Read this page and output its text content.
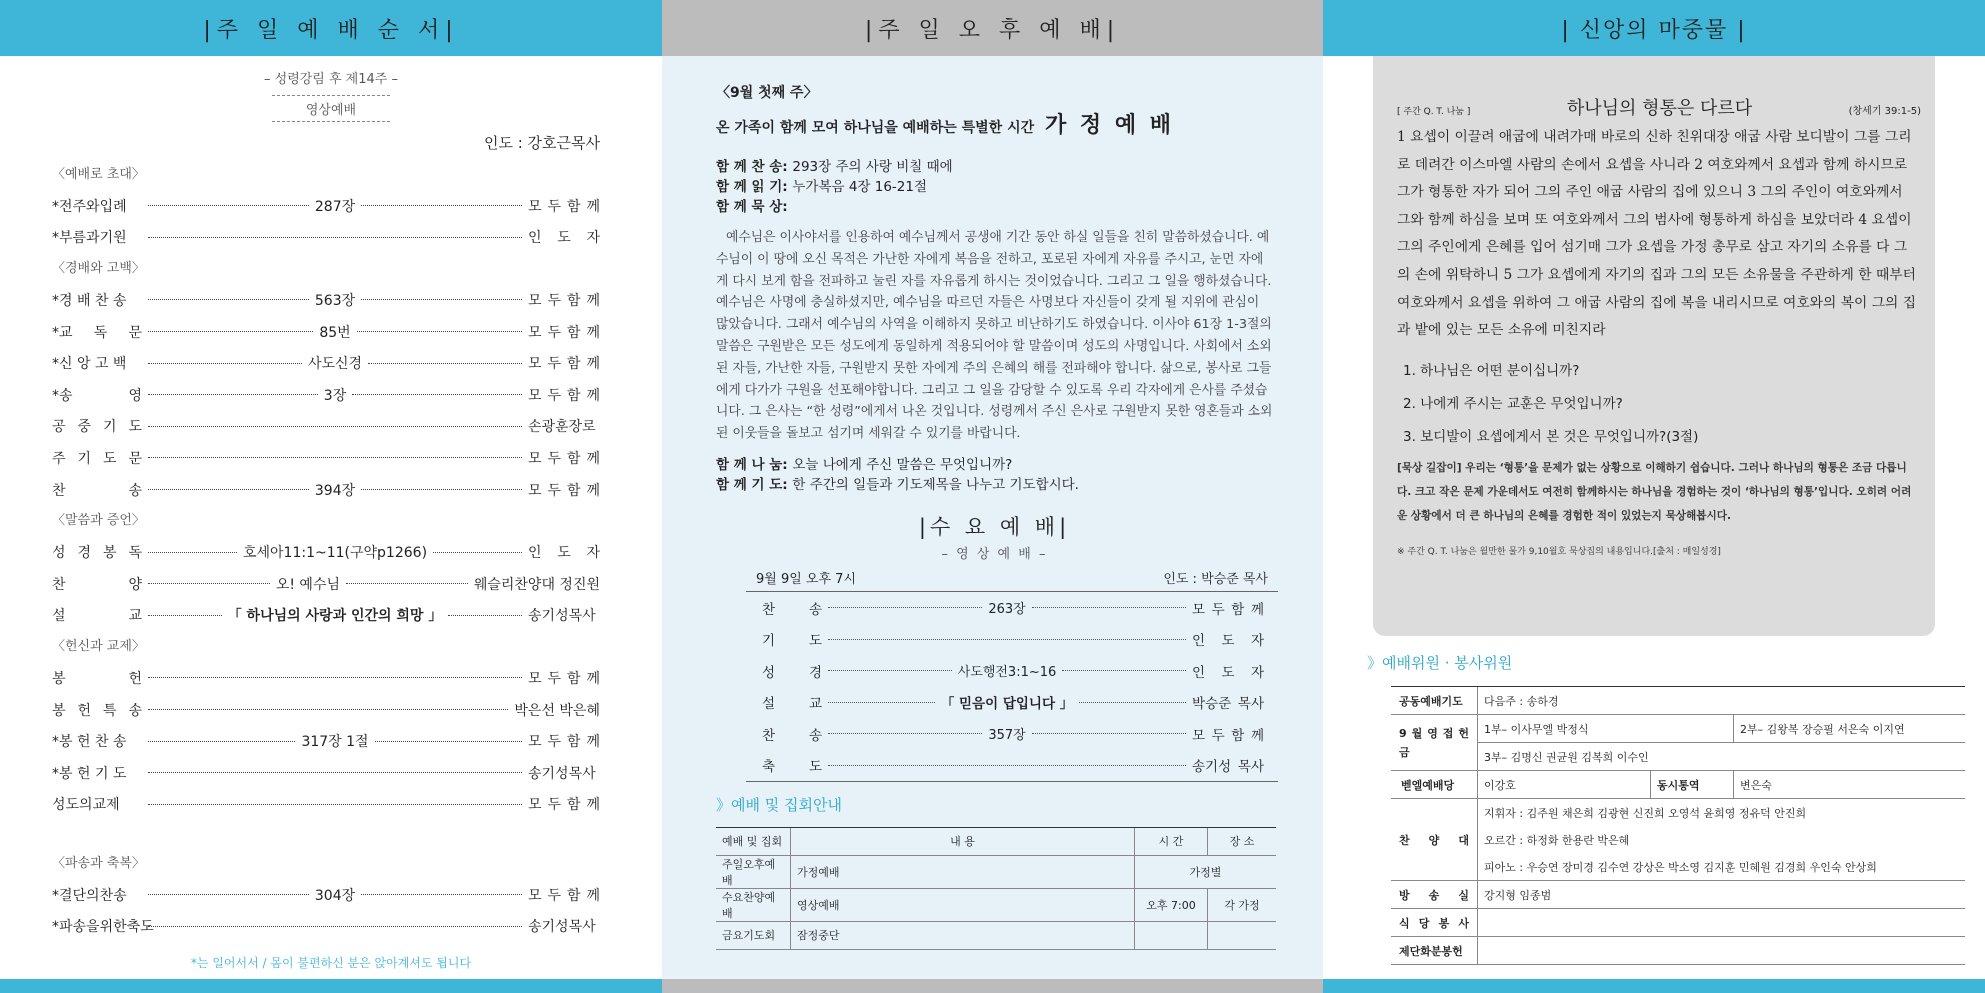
|주 일 예 배 순 서|
– 성령강림 후 제14주 –
영상예배
인도 : 강호근목사
〈예배로 초대〉
*전주와입례	287장	모 두 함 께
*부름과기원	인 도 자
〈경배와 고백〉
*경 배 찬 송	563장	모 두 함 께
*교 독 문	85번	모 두 함 께
*신 앙 고 백	사도신경	모 두 함 께
*송 영	3장	모 두 함 께
공 중 기 도	손광훈장로
주 기 도 문	모 두 함 께
찬 송	394장	모 두 함 께
〈말씀과 증언〉
성 경 봉 독	호세아11:1~11(구약p1266)	인 도 자
찬 양	오! 예수님	웨슬리찬양대 정진원
설 교	「 하나님의 사랑과 인간의 희망 」	송기성목사
〈헌신과 교제〉
봉 헌	모 두 함 께
봉 헌 특 송	박은선 박은혜
*봉 헌 찬 송	317장 1절	모 두 함 께
*봉 헌 기 도	송기성목사
성도의교제	모 두 함 께
〈파송과 축복〉
*결단의찬송	304장	모 두 함 께
*파송을위한축도	송기성목사
*는 일어서서 / 몸이 불편하신 분은 앉아계셔도 됩니다
|주 일 오 후 예 배|
〈9월 첫째 주〉
온 가족이 함께 모여 하나님을 예배하는 특별한 시간 가 정 예 배
함 께 찬 송: 293장 주의 사랑 비칠 때에
함 께 읽 기: 누가복음 4장 16-21절
함 께 묵 상:
예수님은 이사야서를 인용하여 예수님께서 공생애 기간 동안 하실 일들을 친히 말씀하셨습니다. 예수님이 이 땅에 오신 목적은 가난한 자에게 복음을 전하고, 포로된 자에게 자유를 주시고, 눈먼 자에게 다시 보게 함을 전파하고 눌린 자를 자유롭게 하시는 것이었습니다. 그리고 그 일을 행하셨습니다. 예수님은 사명에 충실하셨지만, 예수님을 따르던 자들은 사명보다 자신들이 갖게 될 지위에 관심이 많았습니다. 그래서 예수님의 사역을 이해하지 못하고 비난하기도 하였습니다. 이사야 61장 1-3절의 말씀은 구원받은 모든 성도에게 동일하게 적용되어야 할 말씀이며 성도의 사명입니다. 사회에서 소외된 자들, 가난한 자들, 구원받지 못한 자에게 주의 은혜의 해를 전파해야 합니다. 삶으로, 봉사로 그들에게 다가가 구원을 선포해야합니다. 그리고 그 일을 감당할 수 있도록 우리 각자에게 은사를 주셨습니다. 그 은사는 “한 성령”에게서 나온 것입니다. 성령께서 주신 은사로 구원받지 못한 영혼들과 소외된 이웃들을 돌보고 섬기며 세워갈 수 있기를 바랍니다.
함 께 나 눔: 오늘 나에게 주신 말씀은 무엇입니까?
함 께 기 도: 한 주간의 일들과 기도제목을 나누고 기도합시다.
|수 요 예 배|
– 영 상 예 배 –
9월 9일 오후 7시	인도 : 박승준 목사
찬 송	263장	모 두 함 께
기 도	인 도 자
성 경	사도행전3:1~16	인 도 자
설 교	「 믿음이 답입니다 」	박승준 목사
찬 송	357장	모 두 함 께
축 도	송기성 목사
》예배 및 집회안내
예배 및 집회	내 용	시 간	장 소
주일오후예배	가정예배	가정별	
수요찬양예배	영상예배	오후 7:00	각 가정
금요기도회	잠정중단		
| 신앙의 마중물 |
[ 주간 Q. T. 나눔 ]	하나님의 형통은 다르다	(창세기 39:1-5)
1 요셉이 이끌려 애굽에 내려가매 바로의 신하 친위대장 애굽 사람 보디발이 그를 그리로 데려간 이스마엘 사람의 손에서 요셉을 사니라 2 여호와께서 요셉과 함께 하시므로 그가 형통한 자가 되어 그의 주인 애굽 사람의 집에 있으니 3 그의 주인이 여호와께서 그와 함께 하심을 보며 또 여호와께서 그의 범사에 형통하게 하심을 보았더라 4 요셉이 그의 주인에게 은혜를 입어 섬기매 그가 요셉을 가정 총무로 삼고 자기의 소유를 다 그의 손에 위탁하니 5 그가 요셉에게 자기의 집과 그의 모든 소유물을 주관하게 한 때부터 여호와께서 요셉을 위하여 그 애굽 사람의 집에 복을 내리시므로 여호와의 복이 그의 집과 밭에 있는 모든 소유에 미친지라
1. 하나님은 어떤 분이십니까?
2. 나에게 주시는 교훈은 무엇입니까?
3. 보디발이 요셉에게서 본 것은 무엇입니까?(3절)
[묵상 길잡이] 우리는 ‘형통’을 문제가 없는 상황으로 이해하기 쉽습니다. 그러나 하나님의 형통은 조금 다릅니다. 크고 작은 문제 가운데서도 여전히 함께하시는 하나님을 경험하는 것이 ‘하나님의 형통’입니다. 오히려 어려운 상황에서 더 큰 하나님의 은혜를 경험한 적이 있었는지 묵상해봅시다.
※ 주간 Q. T. 나눔은 월만한 물가 9,10월호 묵상집의 내용입니다.[출처 : 매일성경]
》예배위원 · 봉사위원
공동예배기도	다음주 : 송하경		
9 월 영 접 헌 금	1부– 이사무엘 박정식		2부– 김왕복 장승필 서은숙 이지연
	3부– 김명신 권균원 김복희 이수인		
벧엘예배당	이강호	동시통역	변은숙
찬 양 대	지휘자 : 김주원 채은희 김광현 신진희 오영석 윤희영 정유덕 안진희		
	오르간 : 하정화 한용란 박은혜		
	피아노 : 우승연 장미경 김수연 강상은 박소영 김지훈 민혜원 김경희 우인숙 안상희		
방 송 실	강지형 임종범		
식 당 봉 사			
제단화분봉헌			
